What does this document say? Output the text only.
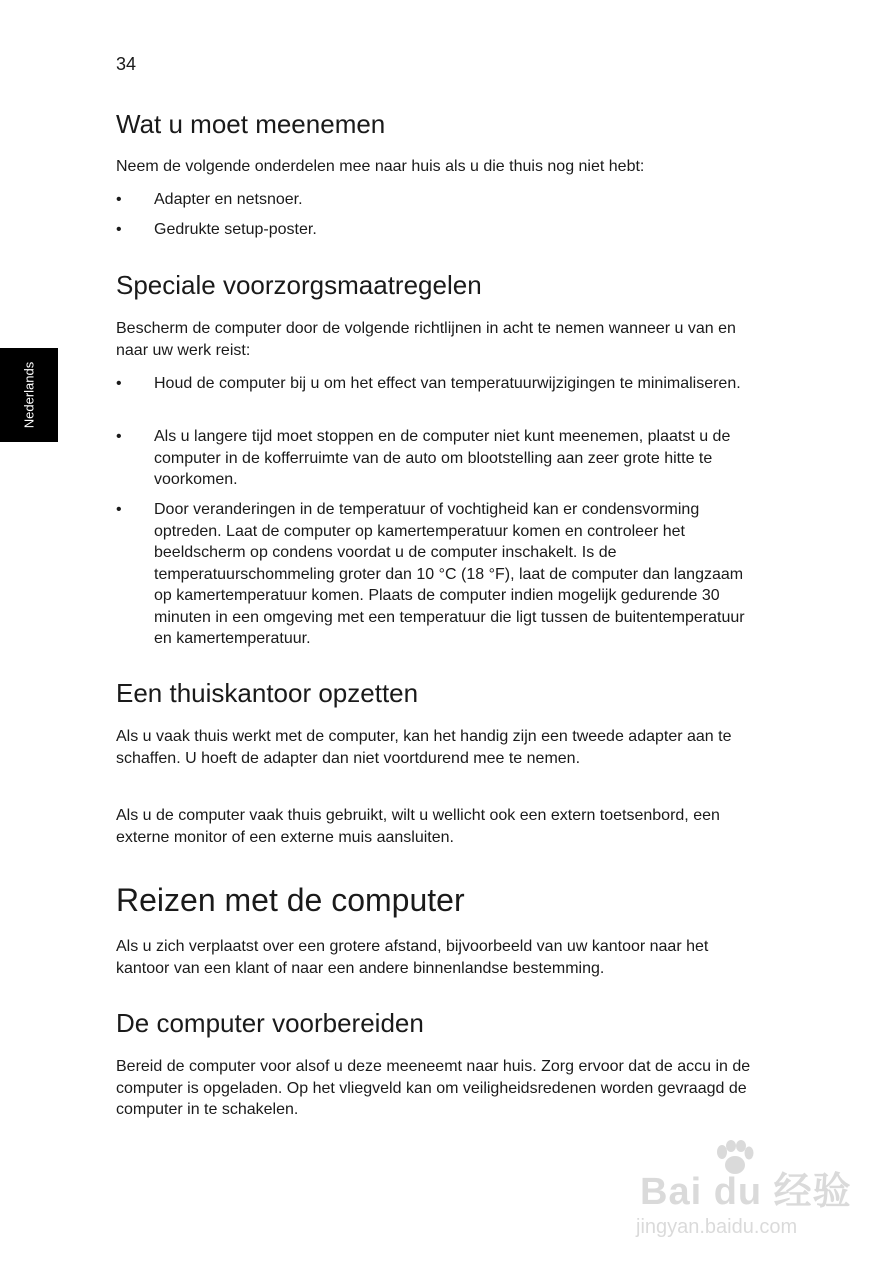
34
Nederlands
Wat u moet meenemen

Neem de volgende onderdelen mee naar huis als u die thuis nog niet hebt:

• Adapter en netsnoer.
• Gedrukte setup-poster.
Speciale voorzorgsmaatregelen

Bescherm de computer door de volgende richtlijnen in acht te nemen wanneer u van en naar uw werk reist:

• Houd de computer bij u om het effect van temperatuurwijzigingen te minimaliseren.
• Als u langere tijd moet stoppen en de computer niet kunt meenemen, plaatst u de computer in de kofferruimte van de auto om blootstelling aan zeer grote hitte te voorkomen.
• Door veranderingen in de temperatuur of vochtigheid kan er condensvorming optreden. Laat de computer op kamertemperatuur komen en controleer het beeldscherm op condens voordat u de computer inschakelt. Is de temperatuurschommeling groter dan 10 °C (18 °F), laat de computer dan langzaam op kamertemperatuur komen. Plaats de computer indien mogelijk gedurende 30 minuten in een omgeving met een temperatuur die ligt tussen de buitentemperatuur en kamertemperatuur.
Een thuiskantoor opzetten

Als u vaak thuis werkt met de computer, kan het handig zijn een tweede adapter aan te schaffen. U hoeft de adapter dan niet voortdurend mee te nemen.

Als u de computer vaak thuis gebruikt, wilt u wellicht ook een extern toetsenbord, een externe monitor of een externe muis aansluiten.

Reizen met de computer

Als u zich verplaatst over een grotere afstand, bijvoorbeeld van uw kantoor naar het kantoor van een klant of naar een andere binnenlandse bestemming.

De computer voorbereiden

Bereid de computer voor alsof u deze meeneemt naar huis. Zorg ervoor dat de accu in de computer is opgeladen. Op het vliegveld kan om veiligheidsredenen worden gevraagd de computer in te schakelen.

Bai du 经验
jingyan.baidu.com
